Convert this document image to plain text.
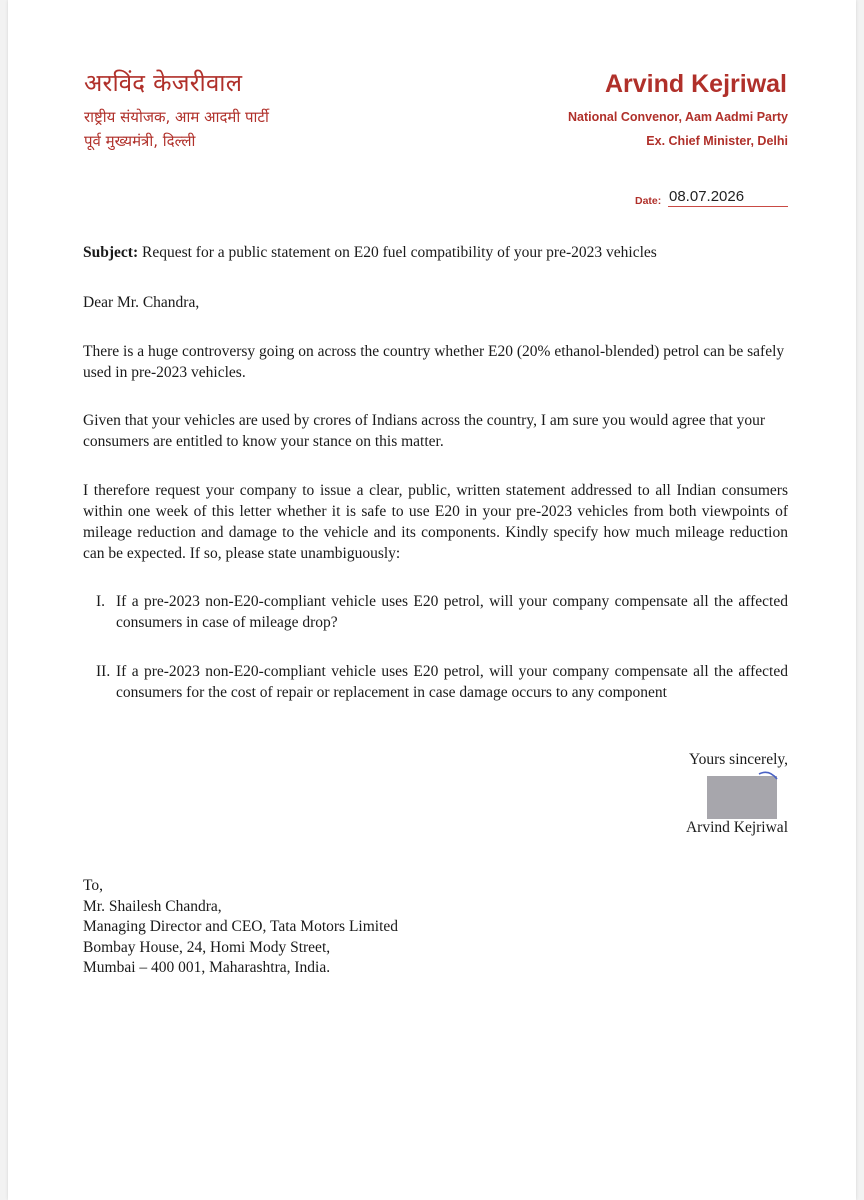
अरविंद केजरीवाल
राष्ट्रीय संयोजक, आम आदमी पार्टी
पूर्व मुख्यमंत्री, दिल्ली
Arvind Kejriwal
National Convenor, Aam Aadmi Party
Ex. Chief Minister, Delhi
Date: 08.07.2026
Subject: Request for a public statement on E20 fuel compatibility of your pre-2023 vehicles
Dear Mr. Chandra,
There is a huge controversy going on across the country whether E20 (20% ethanol-blended) petrol can be safely used in pre-2023 vehicles.
Given that your vehicles are used by crores of Indians across the country, I am sure you would agree that your consumers are entitled to know your stance on this matter.
I therefore request your company to issue a clear, public, written statement addressed to all Indian consumers within one week of this letter whether it is safe to use E20 in your pre-2023 vehicles from both viewpoints of mileage reduction and damage to the vehicle and its components. Kindly specify how much mileage reduction can be expected. If so, please state unambiguously:
I. If a pre-2023 non-E20-compliant vehicle uses E20 petrol, will your company compensate all the affected consumers in case of mileage drop?
II. If a pre-2023 non-E20-compliant vehicle uses E20 petrol, will your company compensate all the affected consumers for the cost of repair or replacement in case damage occurs to any component
Yours sincerely,
Arvind Kejriwal
To,
Mr. Shailesh Chandra,
Managing Director and CEO, Tata Motors Limited
Bombay House, 24, Homi Mody Street,
Mumbai – 400 001, Maharashtra, India.
